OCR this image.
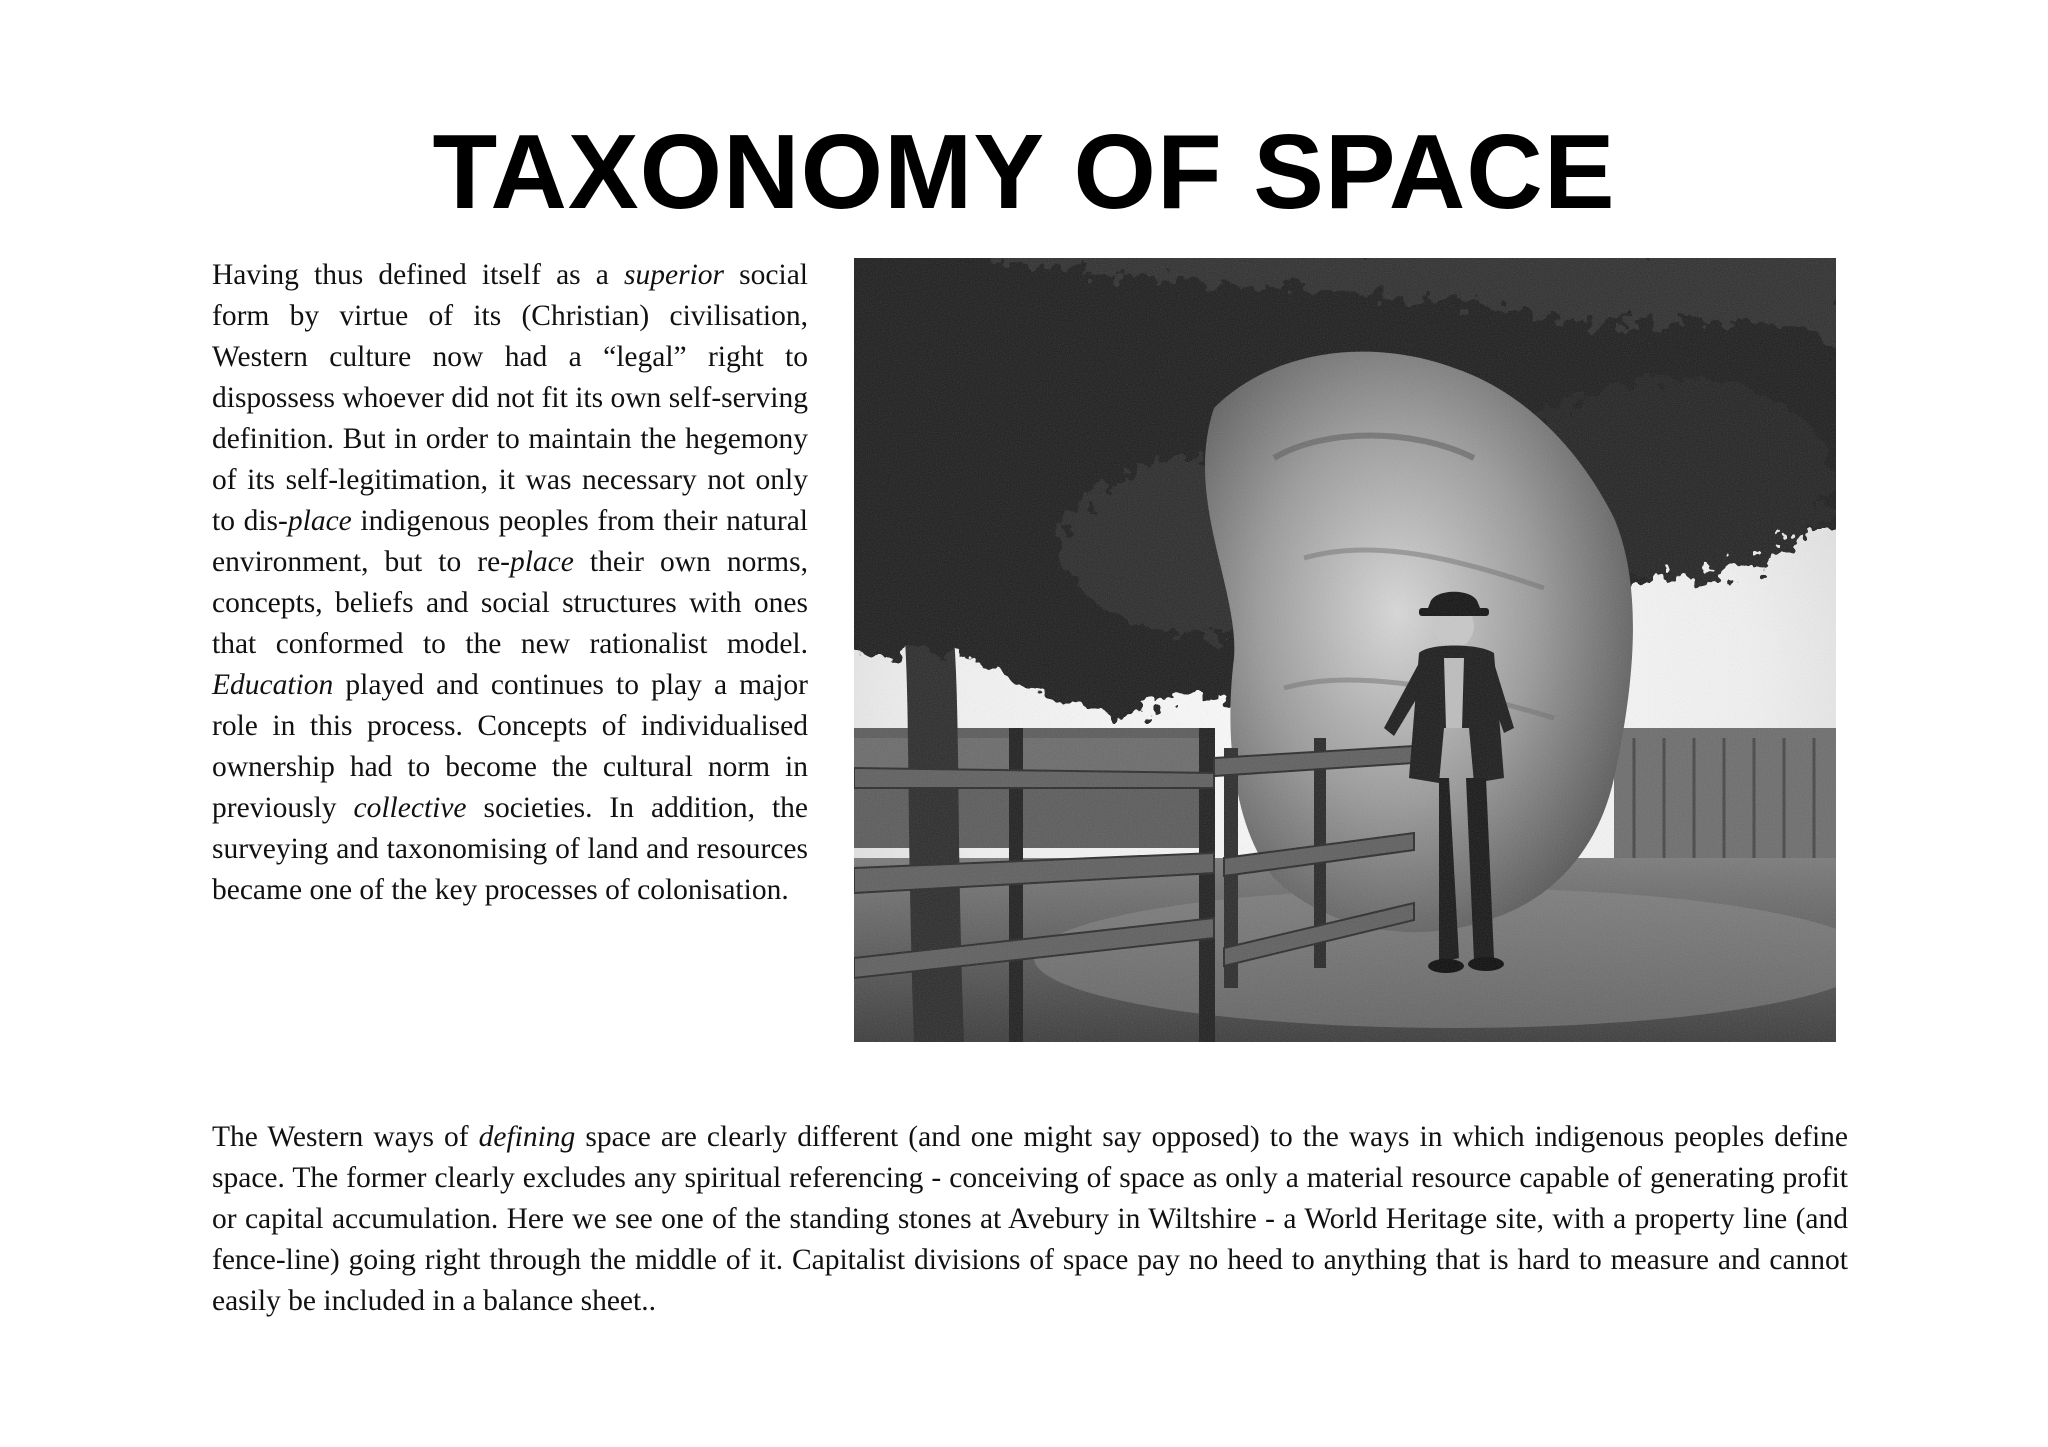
TAXONOMY OF SPACE

Having thus defined itself as a superior social form by virtue of its (Christian) civilisation, Western culture now had a “legal” right to dispossess whoever did not fit its own self-serving definition. But in order to maintain the hegemony of its self-legitimation, it was necessary not only to dis-place indigenous peoples from their natural environment, but to re-place their own norms, concepts, beliefs and social structures with ones that conformed to the new rationalist model. Education played and continues to play a major role in this process. Concepts of individualised ownership had to become the cultural norm in previously collective societies. In addition, the surveying and taxonomising of land and resources became one of the key processes of colonisation.

The Western ways of defining space are clearly different (and one might say opposed) to the ways in which indigenous peoples define space. The former clearly excludes any spiritual referencing - conceiving of space as only a material resource capable of generating profit or capital accumulation. Here we see one of the standing stones at Avebury in Wiltshire - a World Heritage site, with a property line (and fence-line) going right through the middle of it. Capitalist divisions of space pay no heed to anything that is hard to measure and cannot easily be included in a balance sheet..
